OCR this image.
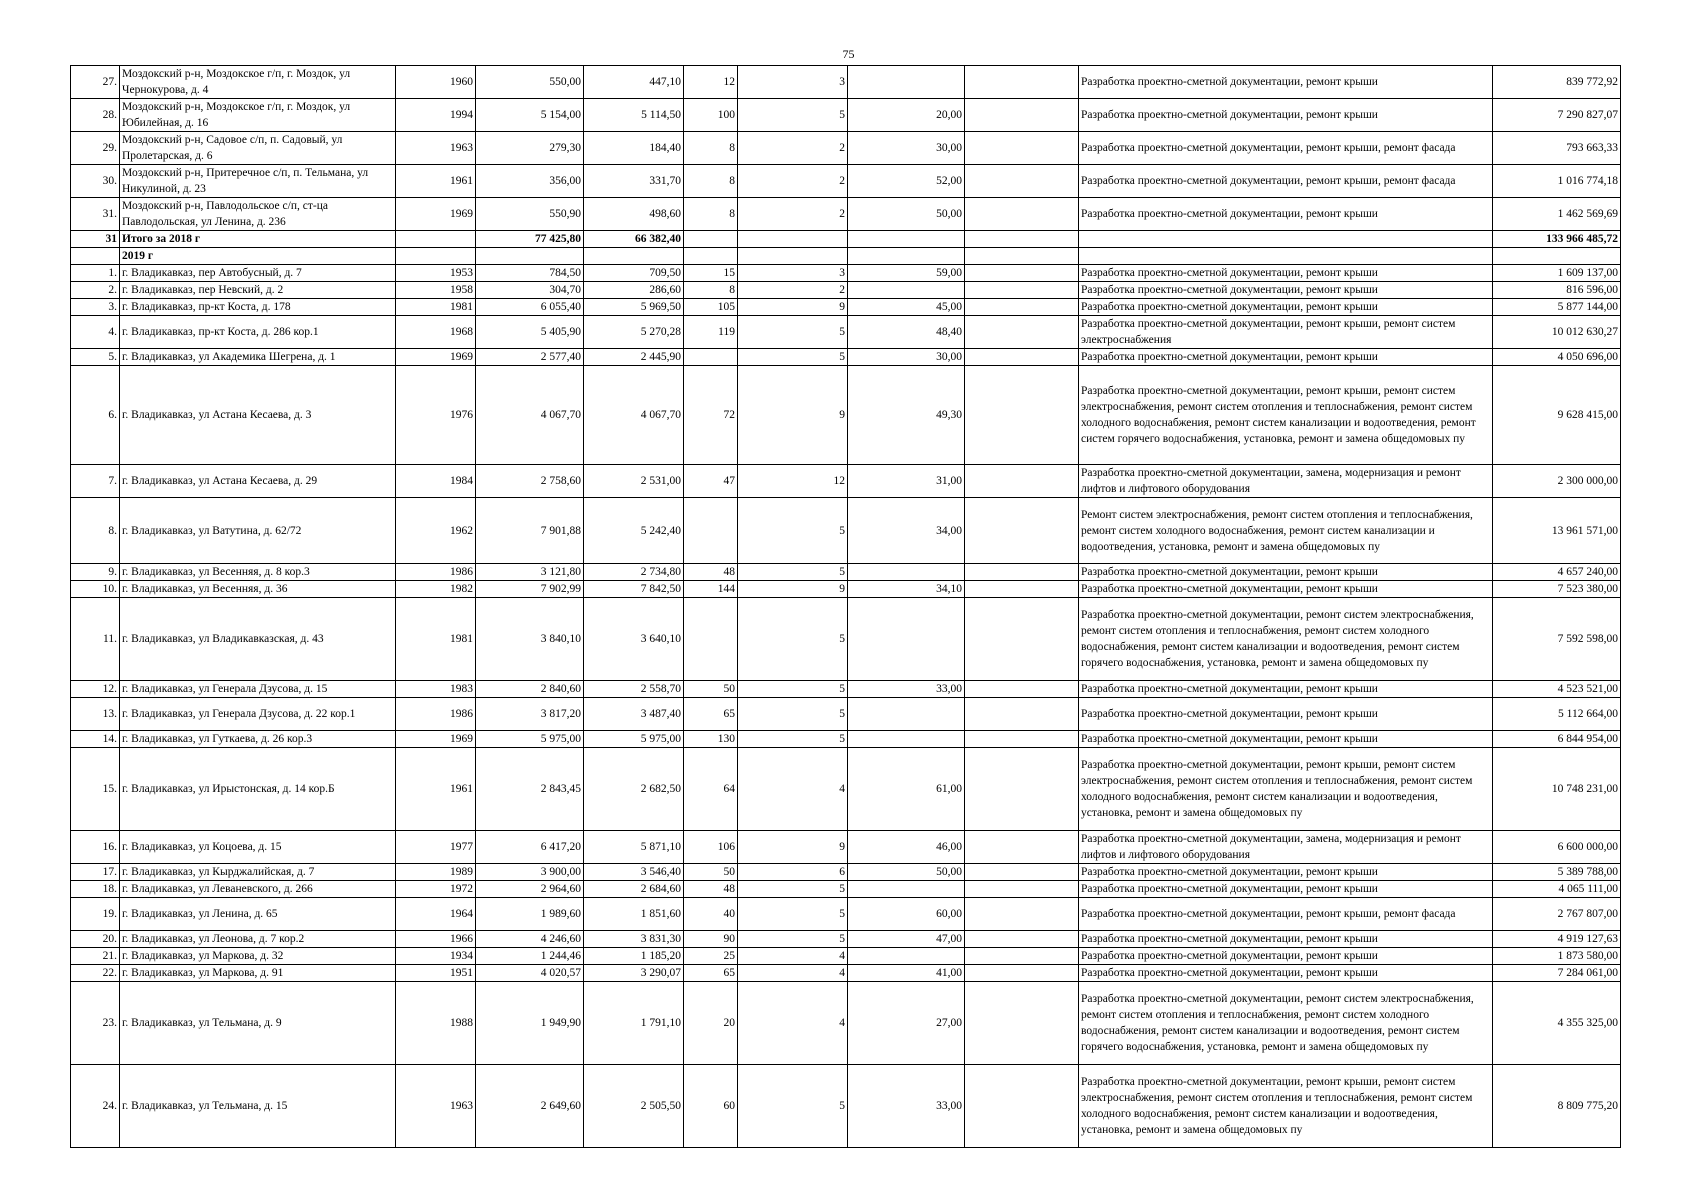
75
27.	Моздокский р-н, Моздокское г/п, г. Моздок, ул Чернокурова, д. 4	1960	550,00	447,10	12	3			Разработка проектно-сметной документации, ремонт крыши	839 772,92
28.	Моздокский р-н, Моздокское г/п, г. Моздок, ул Юбилейная, д. 16	1994	5 154,00	5 114,50	100	5	20,00		Разработка проектно-сметной документации, ремонт крыши	7 290 827,07
29.	Моздокский р-н, Садовое с/п, п. Садовый, ул Пролетарская, д. 6	1963	279,30	184,40	8	2	30,00		Разработка проектно-сметной документации, ремонт крыши, ремонт фасада	793 663,33
30.	Моздокский р-н, Притеречное с/п, п. Тельмана, ул Никулиной, д. 23	1961	356,00	331,70	8	2	52,00		Разработка проектно-сметной документации, ремонт крыши, ремонт фасада	1 016 774,18
31.	Моздокский р-н, Павлодольское с/п, ст-ца Павлодольская, ул Ленина, д. 236	1969	550,90	498,60	8	2	50,00		Разработка проектно-сметной документации, ремонт крыши	1 462 569,69
31	Итого за 2018 г		77 425,80	66 382,40						133 966 485,72
	2019 г									
1.	г. Владикавказ, пер Автобусный, д. 7	1953	784,50	709,50	15	3	59,00		Разработка проектно-сметной документации, ремонт крыши	1 609 137,00
2.	г. Владикавказ, пер Невский, д. 2	1958	304,70	286,60	8	2			Разработка проектно-сметной документации, ремонт крыши	816 596,00
3.	г. Владикавказ, пр-кт Коста, д. 178	1981	6 055,40	5 969,50	105	9	45,00		Разработка проектно-сметной документации, ремонт крыши	5 877 144,00
4.	г. Владикавказ, пр-кт Коста, д. 286 кор.1	1968	5 405,90	5 270,28	119	5	48,40		Разработка проектно-сметной документации, ремонт крыши, ремонт систем электроснабжения	10 012 630,27
5.	г. Владикавказ, ул Академика Шегрена, д. 1	1969	2 577,40	2 445,90		5	30,00		Разработка проектно-сметной документации, ремонт крыши	4 050 696,00
6.	г. Владикавказ, ул Астана Кесаева, д. 3	1976	4 067,70	4 067,70	72	9	49,30		Разработка проектно-сметной документации, ремонт крыши, ремонт систем электроснабжения, ремонт систем отопления и теплоснабжения, ремонт систем холодного водоснабжения, ремонт систем канализации и водоотведения, ремонт систем горячего водоснабжения, установка, ремонт и замена общедомовых пу	9 628 415,00
7.	г. Владикавказ, ул Астана Кесаева, д. 29	1984	2 758,60	2 531,00	47	12	31,00		Разработка проектно-сметной документации, замена, модернизация и ремонт лифтов и лифтового оборудования	2 300 000,00
8.	г. Владикавказ, ул Ватутина, д. 62/72	1962	7 901,88	5 242,40		5	34,00		Ремонт систем электроснабжения, ремонт систем отопления и теплоснабжения, ремонт систем холодного водоснабжения, ремонт систем канализации и водоотведения, установка, ремонт и замена общедомовых пу	13 961 571,00
9.	г. Владикавказ, ул Весенняя, д. 8 кор.3	1986	3 121,80	2 734,80	48	5			Разработка проектно-сметной документации, ремонт крыши	4 657 240,00
10.	г. Владикавказ, ул Весенняя, д. 36	1982	7 902,99	7 842,50	144	9	34,10		Разработка проектно-сметной документации, ремонт крыши	7 523 380,00
11.	г. Владикавказ, ул Владикавказская, д. 43	1981	3 840,10	3 640,10		5			Разработка проектно-сметной документации, ремонт систем электроснабжения, ремонт систем отопления и теплоснабжения, ремонт систем холодного водоснабжения, ремонт систем канализации и водоотведения, ремонт систем горячего водоснабжения, установка, ремонт и замена общедомовых пу	7 592 598,00
12.	г. Владикавказ, ул Генерала Дзусова, д. 15	1983	2 840,60	2 558,70	50	5	33,00		Разработка проектно-сметной документации, ремонт крыши	4 523 521,00
13.	г. Владикавказ, ул Генерала Дзусова, д. 22 кор.1	1986	3 817,20	3 487,40	65	5			Разработка проектно-сметной документации, ремонт крыши	5 112 664,00
14.	г. Владикавказ, ул Гуткаева, д. 26 кор.3	1969	5 975,00	5 975,00	130	5			Разработка проектно-сметной документации, ремонт крыши	6 844 954,00
15.	г. Владикавказ, ул Ирыстонская, д. 14 кор.Б	1961	2 843,45	2 682,50	64	4	61,00		Разработка проектно-сметной документации, ремонт крыши, ремонт систем электроснабжения, ремонт систем отопления и теплоснабжения, ремонт систем холодного водоснабжения, ремонт систем канализации и водоотведения, установка, ремонт и замена общедомовых пу	10 748 231,00
16.	г. Владикавказ, ул Коцоева, д. 15	1977	6 417,20	5 871,10	106	9	46,00		Разработка проектно-сметной документации, замена, модернизация и ремонт лифтов и лифтового оборудования	6 600 000,00
17.	г. Владикавказ, ул Кырджалийская, д. 7	1989	3 900,00	3 546,40	50	6	50,00		Разработка проектно-сметной документации, ремонт крыши	5 389 788,00
18.	г. Владикавказ, ул Леваневского, д. 266	1972	2 964,60	2 684,60	48	5			Разработка проектно-сметной документации, ремонт крыши	4 065 111,00
19.	г. Владикавказ, ул Ленина, д. 65	1964	1 989,60	1 851,60	40	5	60,00		Разработка проектно-сметной документации, ремонт крыши, ремонт фасада	2 767 807,00
20.	г. Владикавказ, ул Леонова, д. 7 кор.2	1966	4 246,60	3 831,30	90	5	47,00		Разработка проектно-сметной документации, ремонт крыши	4 919 127,63
21.	г. Владикавказ, ул Маркова, д. 32	1934	1 244,46	1 185,20	25	4			Разработка проектно-сметной документации, ремонт крыши	1 873 580,00
22.	г. Владикавказ, ул Маркова, д. 91	1951	4 020,57	3 290,07	65	4	41,00		Разработка проектно-сметной документации, ремонт крыши	7 284 061,00
23.	г. Владикавказ, ул Тельмана, д. 9	1988	1 949,90	1 791,10	20	4	27,00		Разработка проектно-сметной документации, ремонт систем электроснабжения, ремонт систем отопления и теплоснабжения, ремонт систем холодного водоснабжения, ремонт систем канализации и водоотведения, ремонт систем горячего водоснабжения, установка, ремонт и замена общедомовых пу	4 355 325,00
24.	г. Владикавказ, ул Тельмана, д. 15	1963	2 649,60	2 505,50	60	5	33,00		Разработка проектно-сметной документации, ремонт крыши, ремонт систем электроснабжения, ремонт систем отопления и теплоснабжения, ремонт систем холодного водоснабжения, ремонт систем канализации и водоотведения, установка, ремонт и замена общедомовых пу	8 809 775,20
